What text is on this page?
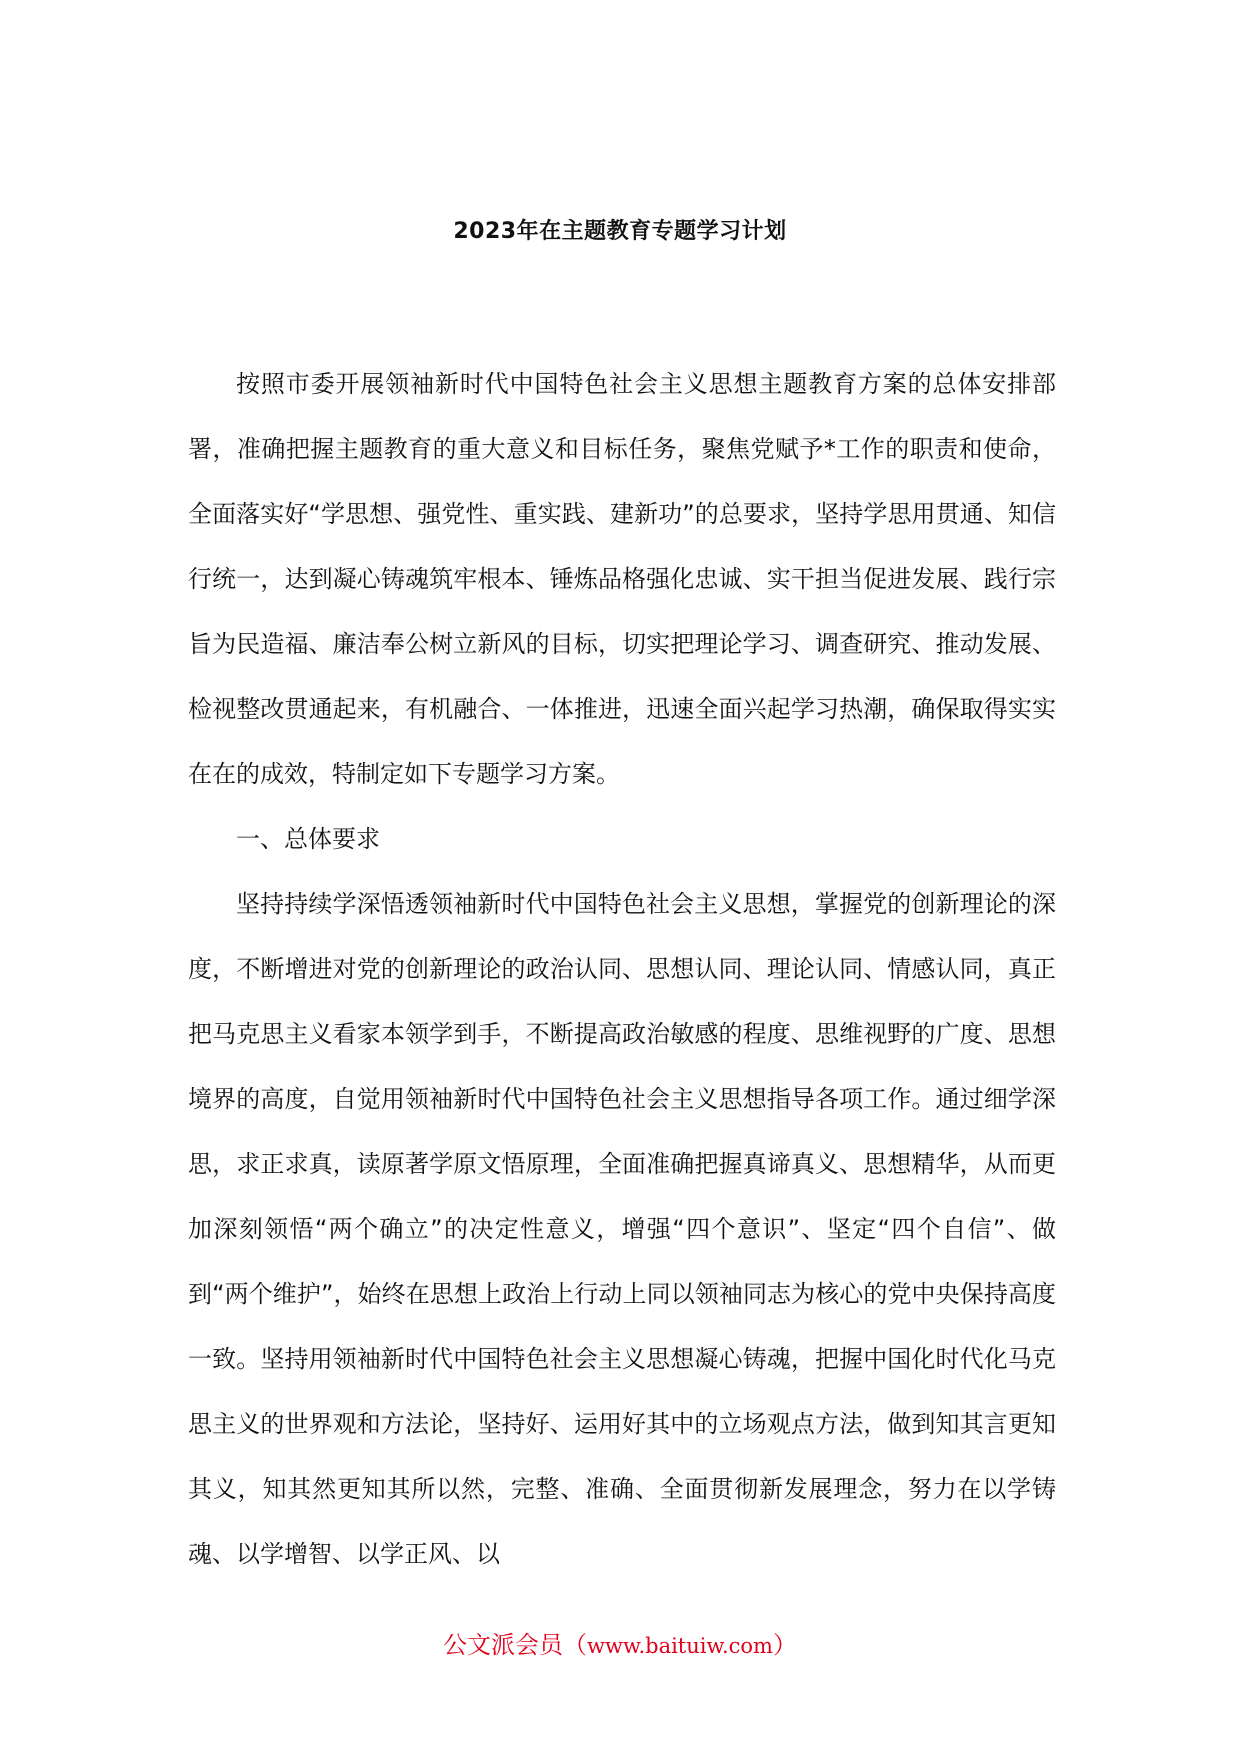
2023年在主题教育专题学习计划

按照市委开展领袖新时代中国特色社会主义思想主题教育方案的总体安排部署，准确把握主题教育的重大意义和目标任务，聚焦党赋予*工作的职责和使命，全面落实好“学思想、强党性、重实践、建新功”的总要求，坚持学思用贯通、知信行统一，达到凝心铸魂筑牢根本、锤炼品格强化忠诚、实干担当促进发展、践行宗旨为民造福、廉洁奉公树立新风的目标，切实把理论学习、调查研究、推动发展、检视整改贯通起来，有机融合、一体推进，迅速全面兴起学习热潮，确保取得实实在在的成效，特制定如下专题学习方案。

一、总体要求

坚持持续学深悟透领袖新时代中国特色社会主义思想，掌握党的创新理论的深度，不断增进对党的创新理论的政治认同、思想认同、理论认同、情感认同，真正把马克思主义看家本领学到手，不断提高政治敏感的程度、思维视野的广度、思想境界的高度，自觉用领袖新时代中国特色社会主义思想指导各项工作。通过细学深思，求正求真，读原著学原文悟原理，全面准确把握真谛真义、思想精华，从而更加深刻领悟“两个确立”的决定性意义，增强“四个意识”、坚定“四个自信”、做到“两个维护”，始终在思想上政治上行动上同以领袖同志为核心的党中央保持高度一致。坚持用领袖新时代中国特色社会主义思想凝心铸魂，把握中国化时代化马克思主义的世界观和方法论，坚持好、运用好其中的立场观点方法，做到知其言更知其义，知其然更知其所以然，完整、准确、全面贯彻新发展理念，努力在以学铸魂、以学增智、以学正风、以

公文派会员（www.baituiw.com）
